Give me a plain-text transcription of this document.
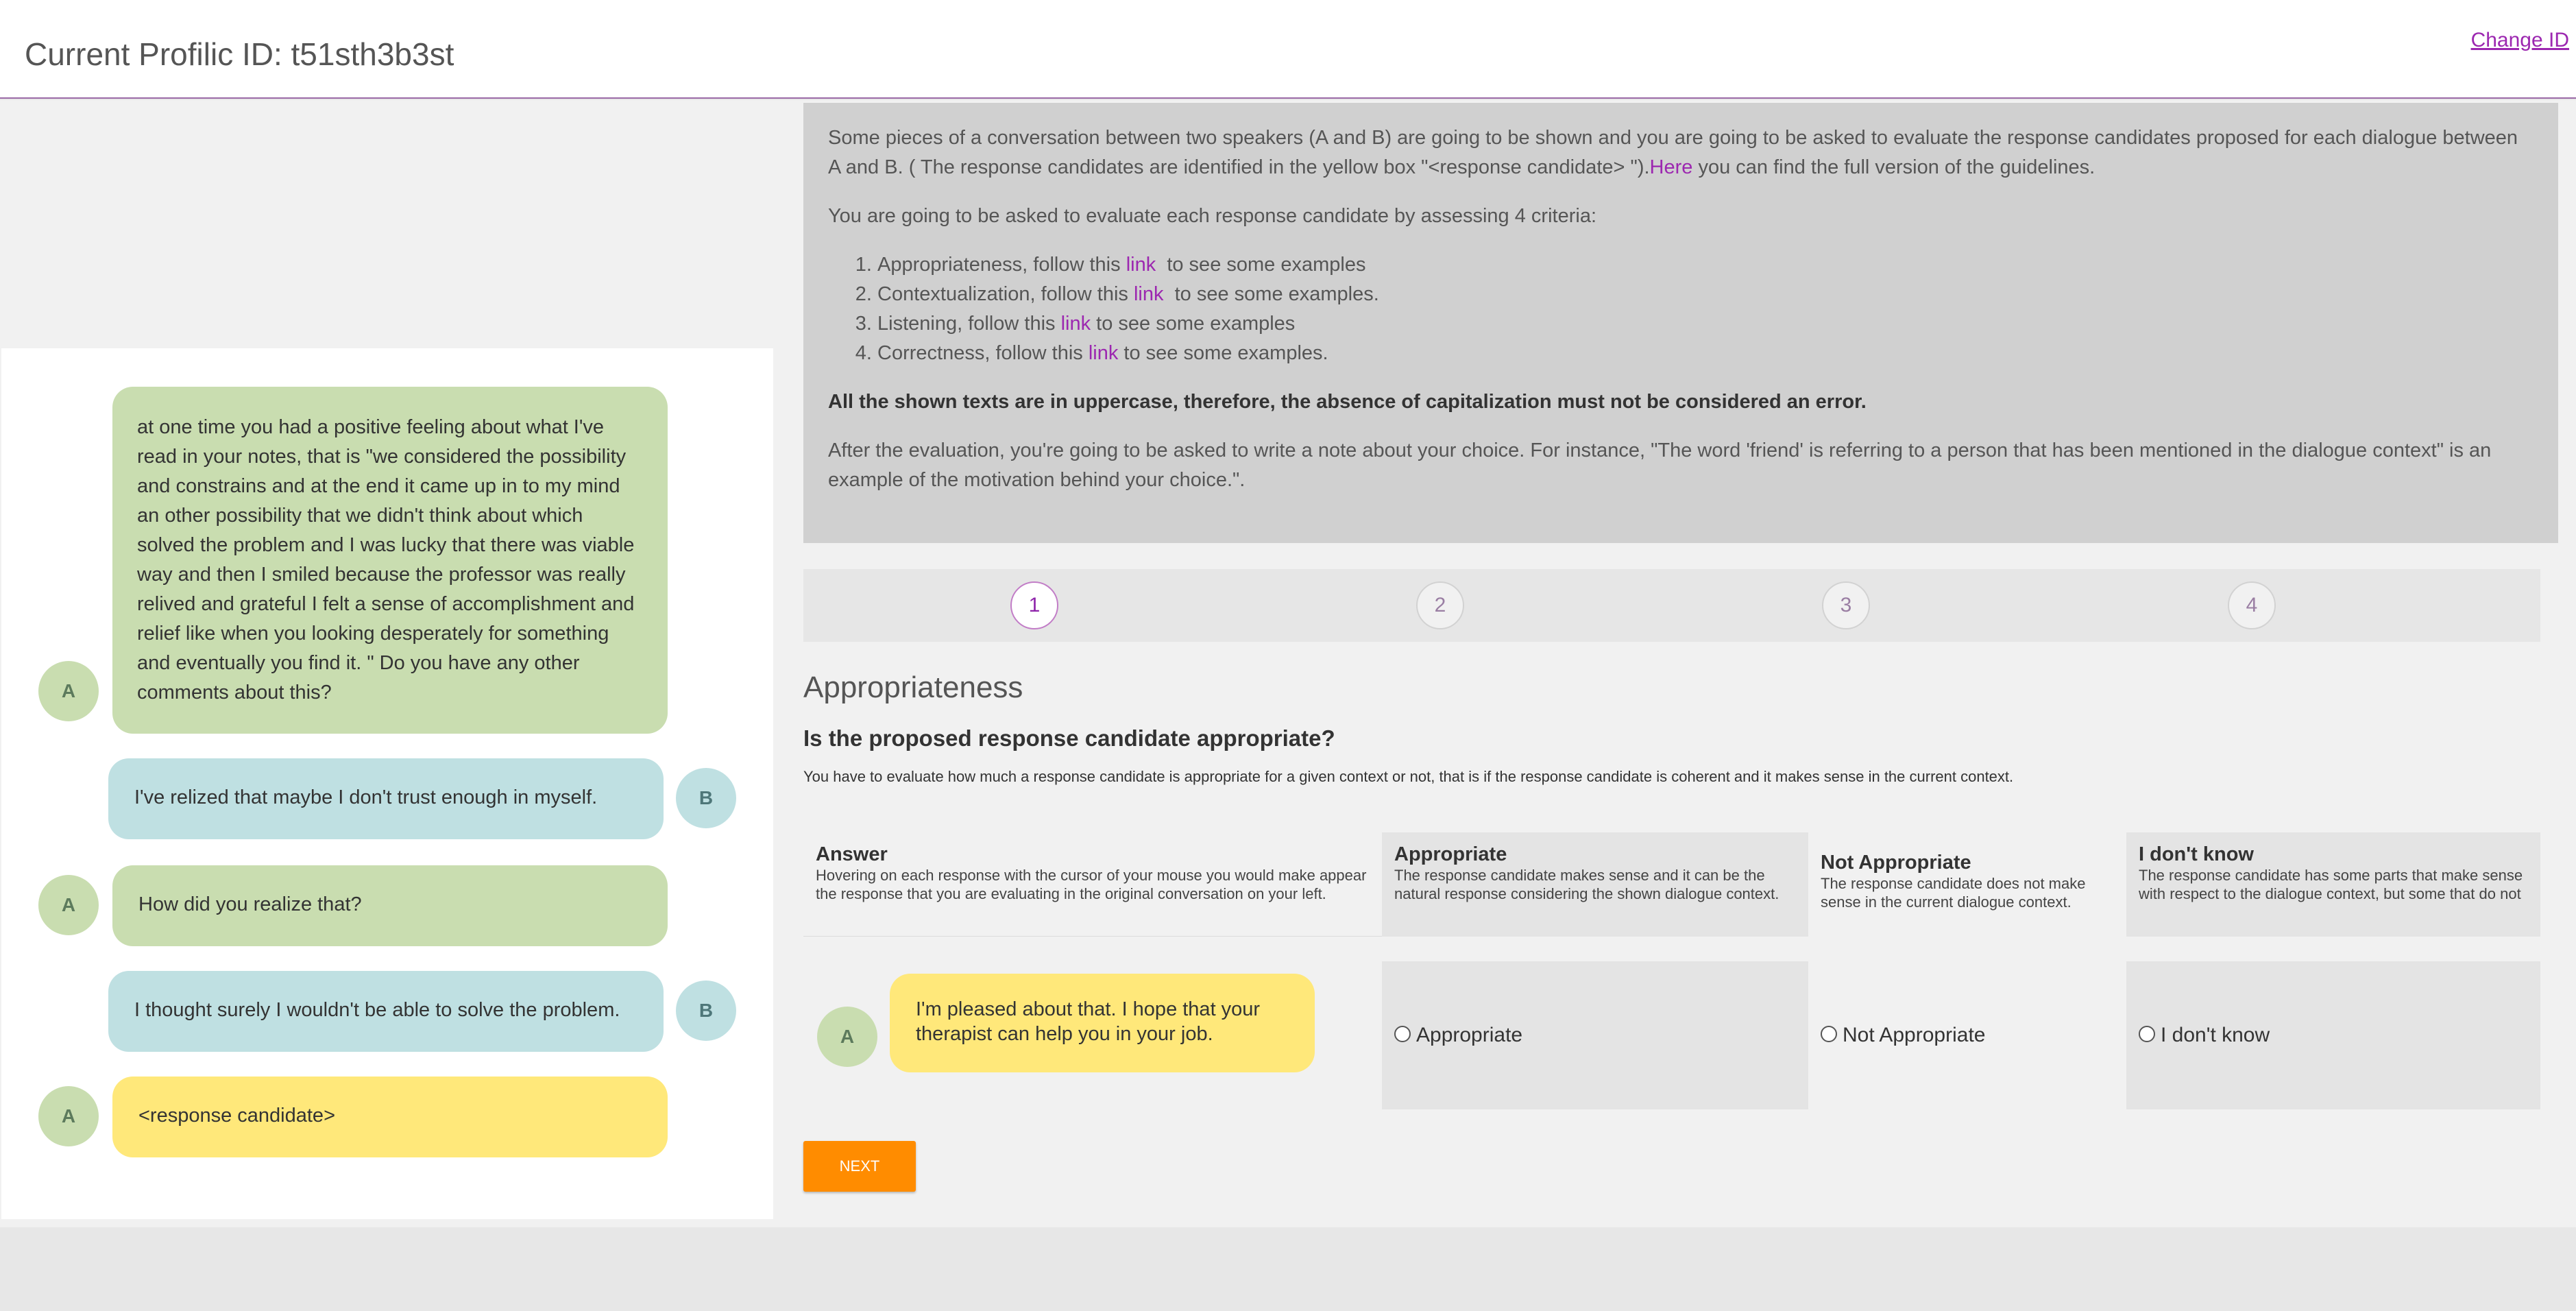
Current Profilic ID: t51sth3b3st	Change ID
at one time you had a positive feeling about what I've read in your notes, that is "we considered the possibility and constrains and at the end it came up in to my mind an other possibility that we didn't think about which solved the problem and I was lucky that there was viable way and then I smiled because the professor was really relived and grateful I felt a sense of accomplishment and relief like when you looking desperately for something and eventually you find it. " Do you have any other comments about this?
A
I've relized that maybe I don't trust enough in myself.	B
How did you realize that?
A
I thought surely I wouldn't be able to solve the problem.	B
<response candidate>
A

Some pieces of a conversation between two speakers (A and B) are going to be shown and you are going to be asked to evaluate the response candidates proposed for each dialogue between A and B. ( The response candidates are identified in the yellow box "<response candidate> ").Here you can find the full version of the guidelines.

You are going to be asked to evaluate each response candidate by assessing 4 criteria:

1. Appropriateness, follow this link  to see some examples
2. Contextualization, follow this link  to see some examples.
3. Listening, follow this link to see some examples
4. Correctness, follow this link to see some examples.

All the shown texts are in uppercase, therefore, the absence of capitalization must not be considered an error.

After the evaluation, you're going to be asked to write a note about your choice. For instance, "The word 'friend' is referring to a person that has been mentioned in the dialogue context" is an example of the motivation behind your choice.".

1	2	3	4
Appropriateness
Is the proposed response candidate appropriate?
You have to evaluate how much a response candidate is appropriate for a given context or not, that is if the response candidate is coherent and it makes sense in the current context.
Answer
Hovering on each response with the cursor of your mouse you would make appear the response that you are evaluating in the original conversation on your left.
Appropriate
The response candidate makes sense and it can be the natural response considering the shown dialogue context.
Not Appropriate
The response candidate does not make sense in the current dialogue context.
I don't know
The response candidate has some parts that make sense with respect to the dialogue context, but some that do not
A
I'm pleased about that. I hope that your therapist can help you in your job.	Appropriate	Not Appropriate	I don't know
NEXT
